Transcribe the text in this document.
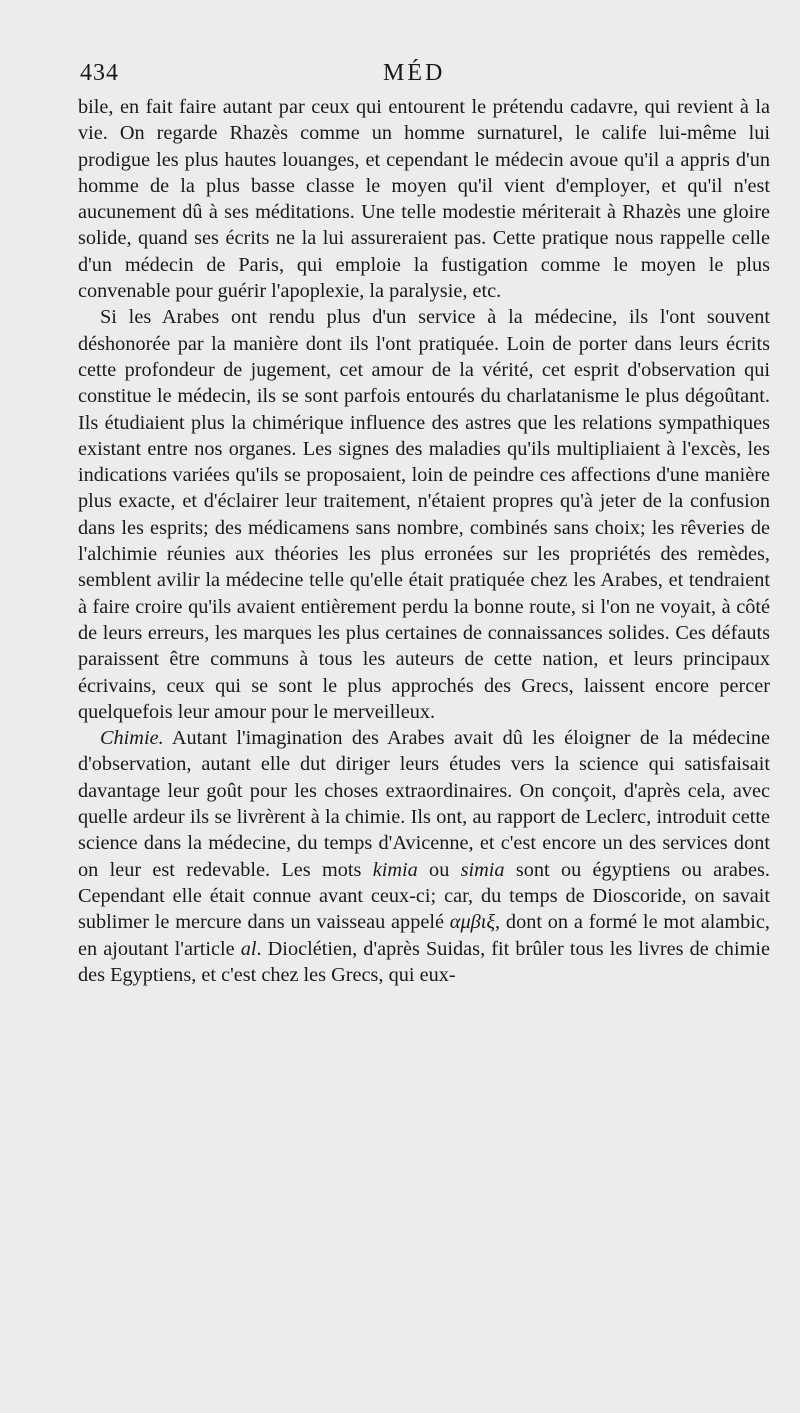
434	MÉD

bile, en fait faire autant par ceux qui entourent le prétendu cadavre, qui revient à la vie. On regarde Rhazès comme un homme surnaturel, le calife lui-même lui prodigue les plus hautes louanges, et cependant le médecin avoue qu'il a appris d'un homme de la plus basse classe le moyen qu'il vient d'employer, et qu'il n'est aucunement dû à ses méditations. Une telle modestie mériterait à Rhazès une gloire solide, quand ses écrits ne la lui assureraient pas. Cette pratique nous rappelle celle d'un médecin de Paris, qui emploie la fustigation comme le moyen le plus convenable pour guérir l'apoplexie, la paralysie, etc.

Si les Arabes ont rendu plus d'un service à la médecine, ils l'ont souvent déshonorée par la manière dont ils l'ont pratiquée. Loin de porter dans leurs écrits cette profondeur de jugement, cet amour de la vérité, cet esprit d'observation qui constitue le médecin, ils se sont parfois entourés du charlatanisme le plus dégoûtant. Ils étudiaient plus la chimérique influence des astres que les relations sympathiques existant entre nos organes. Les signes des maladies qu'ils multipliaient à l'excès, les indications variées qu'ils se proposaient, loin de peindre ces affections d'une manière plus exacte, et d'éclairer leur traitement, n'étaient propres qu'à jeter de la confusion dans les esprits; des médicamens sans nombre, combinés sans choix; les rêveries de l'alchimie réunies aux théories les plus erronées sur les propriétés des remèdes, semblent avilir la médecine telle qu'elle était pratiquée chez les Arabes, et tendraient à faire croire qu'ils avaient entièrement perdu la bonne route, si l'on ne voyait, à côté de leurs erreurs, les marques les plus certaines de connaissances solides. Ces défauts paraissent être communs à tous les auteurs de cette nation, et leurs principaux écrivains, ceux qui se sont le plus approchés des Grecs, laissent encore percer quelquefois leur amour pour le merveilleux.

Chimie. Autant l'imagination des Arabes avait dû les éloigner de la médecine d'observation, autant elle dut diriger leurs études vers la science qui satisfaisait davantage leur goût pour les choses extraordinaires. On conçoit, d'après cela, avec quelle ardeur ils se livrèrent à la chimie. Ils ont, au rapport de Leclerc, introduit cette science dans la médecine, du temps d'Avicenne, et c'est encore un des services dont on leur est redevable. Les mots kimia ou simia sont ou égyptiens ou arabes. Cependant elle était connue avant ceux-ci; car, du temps de Dioscoride, on savait sublimer le mercure dans un vaisseau appelé αμβιξ, dont on a formé le mot alambic, en ajoutant l'article al. Dioclétien, d'après Suidas, fit brûler tous les livres de chimie des Egyptiens, et c'est chez les Grecs, qui eux-
